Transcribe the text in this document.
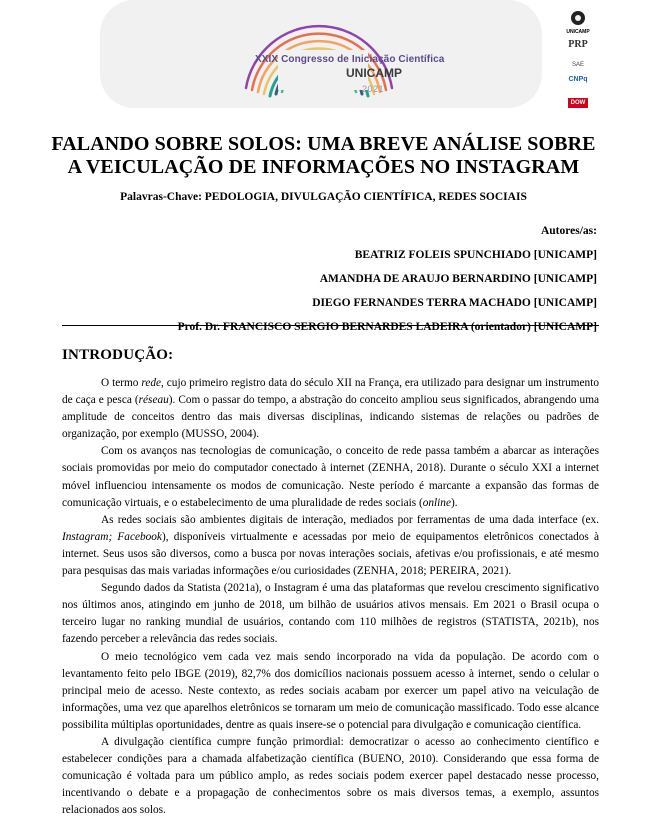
XXIX Congresso de Iniciação Científica
UNICAMP
2021
UNICAMP
PRP
SAE
CNPq
DOW
FALANDO SOBRE SOLOS: UMA BREVE ANÁLISE SOBRE
A VEICULAÇÃO DE INFORMAÇÕES NO INSTAGRAM
Palavras-Chave: PEDOLOGIA, DIVULGAÇÃO CIENTÍFICA, REDES SOCIAIS
Autores/as:
BEATRIZ FOLEIS SPUNCHIADO [UNICAMP]
AMANDHA DE ARAUJO BERNARDINO [UNICAMP]
DIEGO FERNANDES TERRA MACHADO [UNICAMP]
Prof. Dr. FRANCISCO SERGIO BERNARDES LADEIRA (orientador) [UNICAMP]
INTRODUÇÃO:

O termo rede, cujo primeiro registro data do século XII na França, era utilizado para designar um instrumento de caça e pesca (réseau). Com o passar do tempo, a abstração do conceito ampliou seus significados, abrangendo uma amplitude de conceitos dentro das mais diversas disciplinas, indicando sistemas de relações ou padrões de organização, por exemplo (MUSSO, 2004).

Com os avanços nas tecnologias de comunicação, o conceito de rede passa também a abarcar as interações sociais promovidas por meio do computador conectado à internet (ZENHA, 2018). Durante o século XXI a internet móvel influenciou intensamente os modos de comunicação. Neste período é marcante a expansão das formas de comunicação virtuais, e o estabelecimento de uma pluralidade de redes sociais (online).

As redes sociais são ambientes digitais de interação, mediados por ferramentas de uma dada interface (ex. Instagram; Facebook), disponíveis virtualmente e acessadas por meio de equipamentos eletrônicos conectados à internet. Seus usos são diversos, como a busca por novas interações sociais, afetivas e/ou profissionais, e até mesmo para pesquisas das mais variadas informações e/ou curiosidades (ZENHA, 2018; PEREIRA, 2021).

Segundo dados da Statista (2021a), o Instagram é uma das plataformas que revelou crescimento significativo nos últimos anos, atingindo em junho de 2018, um bilhão de usuários ativos mensais. Em 2021 o Brasil ocupa o terceiro lugar no ranking mundial de usuários, contando com 110 milhões de registros (STATISTA, 2021b), nos fazendo perceber a relevância das redes sociais.

O meio tecnológico vem cada vez mais sendo incorporado na vida da população. De acordo com o levantamento feito pelo IBGE (2019), 82,7% dos domicílios nacionais possuem acesso à internet, sendo o celular o principal meio de acesso. Neste contexto, as redes sociais acabam por exercer um papel ativo na veiculação de informações, uma vez que aparelhos eletrônicos se tornaram um meio de comunicação massificado. Todo esse alcance possibilita múltiplas oportunidades, dentre as quais insere-se o potencial para divulgação e comunicação científica.

A divulgação científica cumpre função primordial: democratizar o acesso ao conhecimento científico e estabelecer condições para a chamada alfabetização científica (BUENO, 2010). Considerando que essa forma de comunicação é voltada para um público amplo, as redes sociais podem exercer papel destacado nesse processo, incentivando o debate e a propagação de conhecimentos sobre os mais diversos temas, a exemplo, assuntos relacionados aos solos.
